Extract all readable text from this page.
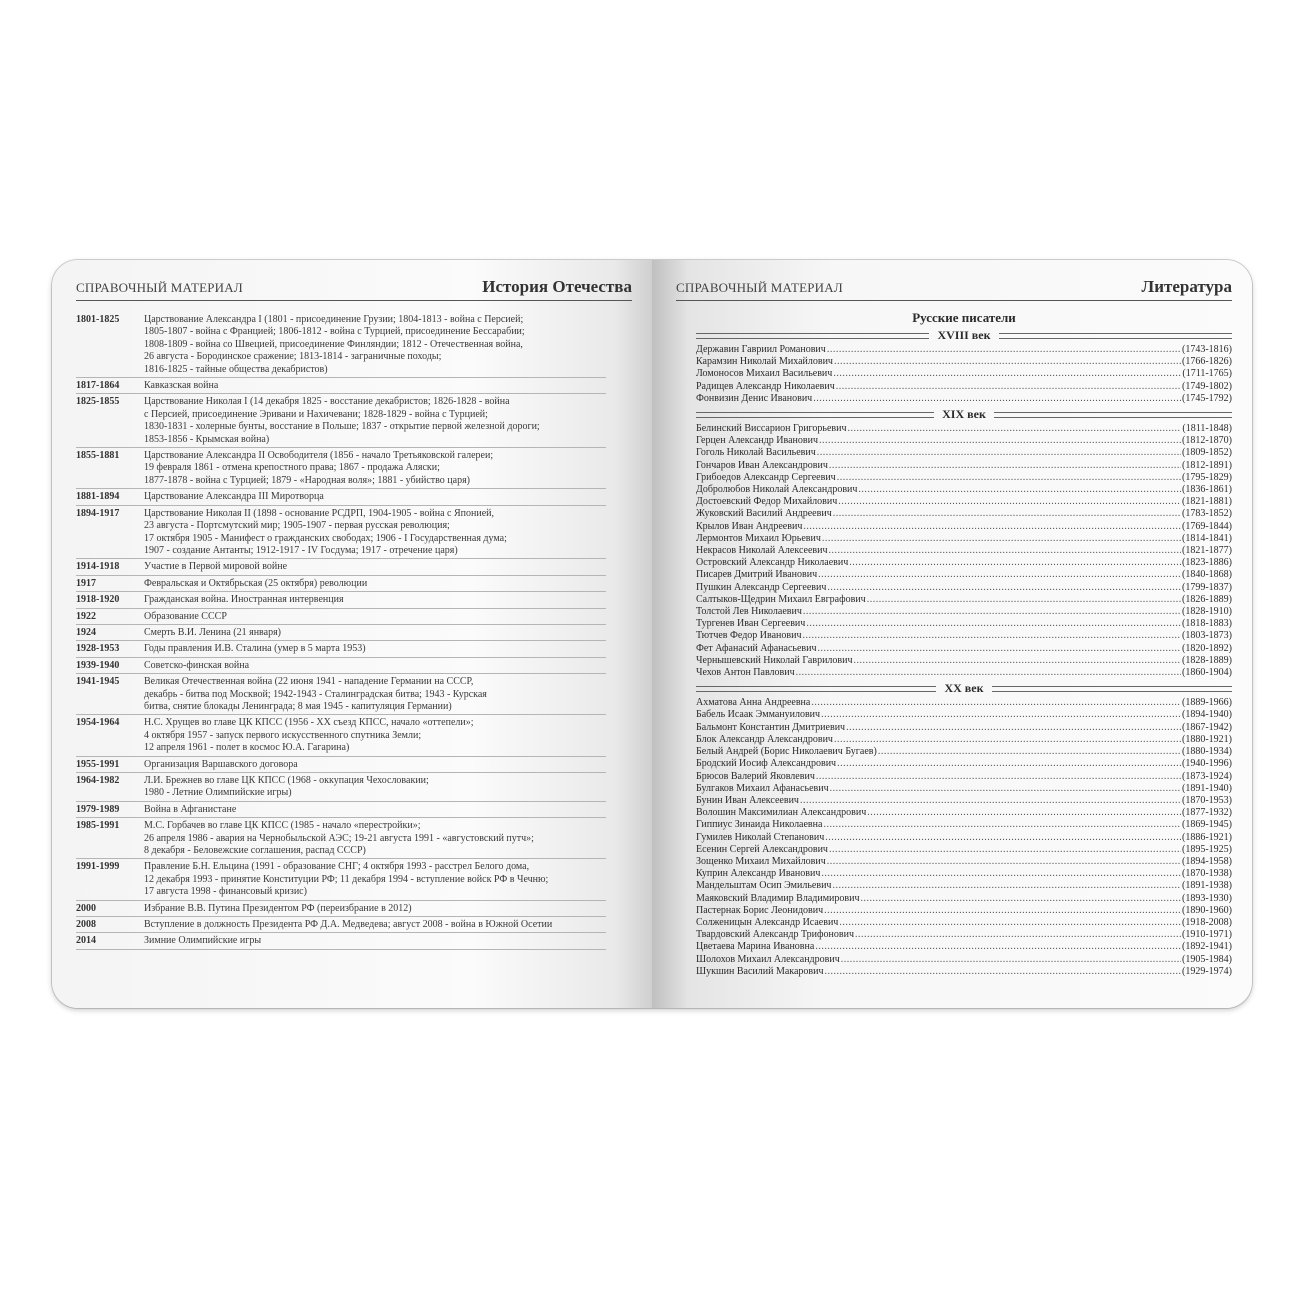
СПРАВОЧНЫЙ МАТЕРИАЛ	История Отечества
1801-1825	Царствование Александра I (1801 - присоединение Грузии; 1804-1813 - война с Персией;
1805-1807 - война с Францией; 1806-1812 - война с Турцией, присоединение Бессарабии;
1808-1809 - война со Швецией, присоединение Финляндии; 1812 - Отечественная война,
26 августа - Бородинское сражение; 1813-1814 - заграничные походы;
1816-1825 - тайные общества декабристов)
1817-1864	Кавказская война
1825-1855	Царствование Николая I (14 декабря 1825 - восстание декабристов; 1826-1828 - война
с Персией, присоединение Эривани и Нахичевани; 1828-1829 - война с Турцией;
1830-1831 - холерные бунты, восстание в Польше; 1837 - открытие первой железной дороги;
1853-1856 - Крымская война)
1855-1881	Царствование Александра II Освободителя (1856 - начало Третьяковской галереи;
19 февраля 1861 - отмена крепостного права; 1867 - продажа Аляски;
1877-1878 - война с Турцией; 1879 - «Народная воля»; 1881 - убийство царя)
1881-1894	Царствование Александра III Миротворца
1894-1917	Царствование Николая II (1898 - основание РСДРП, 1904-1905 - война с Японией,
23 августа - Портсмутский мир; 1905-1907 - первая русская революция;
17 октября 1905 - Манифест о гражданских свободах; 1906 - I Государственная дума;
1907 - создание Антанты; 1912-1917 - IV Госдума; 1917 - отречение царя)
1914-1918	Участие в Первой мировой войне
1917	Февральская и Октябрьская (25 октября) революции
1918-1920	Гражданская война. Иностранная интервенция
1922	Образование СССР
1924	Смерть В.И. Ленина (21 января)
1928-1953	Годы правления И.В. Сталина (умер в 5 марта 1953)
1939-1940	Советско-финская война
1941-1945	Великая Отечественная война (22 июня 1941 - нападение Германии на СССР,
декабрь - битва под Москвой; 1942-1943 - Сталинградская битва; 1943 - Курская
битва, снятие блокады Ленинграда; 8 мая 1945 - капитуляция Германии)
1954-1964	Н.С. Хрущев во главе ЦК КПСС (1956 - XX съезд КПСС, начало «оттепели»;
4 октября 1957 - запуск первого искусственного спутника Земли;
12 апреля 1961 - полет в космос Ю.А. Гагарина)
1955-1991	Организация Варшавского договора
1964-1982	Л.И. Брежнев во главе ЦК КПСС (1968 - оккупация Чехословакии;
1980 - Летние Олимпийские игры)
1979-1989	Война в Афганистане
1985-1991	М.С. Горбачев во главе ЦК КПСС (1985 - начало «перестройки»;
26 апреля 1986 - авария на Чернобыльской АЭС; 19-21 августа 1991 - «августовский путч»;
8 декабря - Беловежские соглашения, распад СССР)
1991-1999	Правление Б.Н. Ельцина (1991 - образование СНГ; 4 октября 1993 - расстрел Белого дома,
12 декабря 1993 - принятие Конституции РФ; 11 декабря 1994 - вступление войск РФ в Чечню;
17 августа 1998 - финансовый кризис)
2000	Избрание В.В. Путина Президентом РФ (переизбрание в 2012)
2008	Вступление в должность Президента РФ Д.А. Медведева; август 2008 - война в Южной Осетии
2014	Зимние Олимпийские игры
СПРАВОЧНЫЙ МАТЕРИАЛ	Литература
Русские писатели
XVIII век
Державин Гавриил Романович .....	(1743-1816)
Карамзин Николай Михайлович .....	(1766-1826)
Ломоносов Михаил Васильевич .....	(1711-1765)
Радищев Александр Николаевич .....	(1749-1802)
Фонвизин Денис Иванович .....	(1745-1792)
XIX век
Белинский Виссарион Григорьевич .....	(1811-1848)
Герцен Александр Иванович .....	(1812-1870)
Гоголь Николай Васильевич .....	(1809-1852)
Гончаров Иван Александрович .....	(1812-1891)
Грибоедов Александр Сергеевич .....	(1795-1829)
Добролюбов Николай Александрович .....	(1836-1861)
Достоевский Федор Михайлович .....	(1821-1881)
Жуковский Василий Андреевич .....	(1783-1852)
Крылов Иван Андреевич .....	(1769-1844)
Лермонтов Михаил Юрьевич .....	(1814-1841)
Некрасов Николай Алексеевич .....	(1821-1877)
Островский Александр Николаевич .....	(1823-1886)
Писарев Дмитрий Иванович .....	(1840-1868)
Пушкин Александр Сергеевич .....	(1799-1837)
Салтыков-Щедрин Михаил Евграфович .....	(1826-1889)
Толстой Лев Николаевич .....	(1828-1910)
Тургенев Иван Сергеевич .....	(1818-1883)
Тютчев Федор Иванович .....	(1803-1873)
Фет Афанасий Афанасьевич .....	(1820-1892)
Чернышевский Николай Гаврилович .....	(1828-1889)
Чехов Антон Павлович .....	(1860-1904)
XX век
Ахматова Анна Андреевна .....	(1889-1966)
Бабель Исаак Эммануилович .....	(1894-1940)
Бальмонт Константин Дмитриевич .....	(1867-1942)
Блок Александр Александрович .....	(1880-1921)
Белый Андрей (Борис Николаевич Бугаев) .....	(1880-1934)
Бродский Иосиф Александрович .....	(1940-1996)
Брюсов Валерий Яковлевич .....	(1873-1924)
Булгаков Михаил Афанасьевич .....	(1891-1940)
Бунин Иван Алексеевич .....	(1870-1953)
Волошин Максимилиан Александрович .....	(1877-1932)
Гиппиус Зинаида Николаевна .....	(1869-1945)
Гумилев Николай Степанович .....	(1886-1921)
Есенин Сергей Александрович .....	(1895-1925)
Зощенко Михаил Михайлович .....	(1894-1958)
Куприн Александр Иванович .....	(1870-1938)
Мандельштам Осип Эмильевич .....	(1891-1938)
Маяковский Владимир Владимирович .....	(1893-1930)
Пастернак Борис Леонидович .....	(1890-1960)
Солженицын Александр Исаевич .....	(1918-2008)
Твардовский Александр Трифонович .....	(1910-1971)
Цветаева Марина Ивановна .....	(1892-1941)
Шолохов Михаил Александрович .....	(1905-1984)
Шукшин Василий Макарович .....	(1929-1974)
